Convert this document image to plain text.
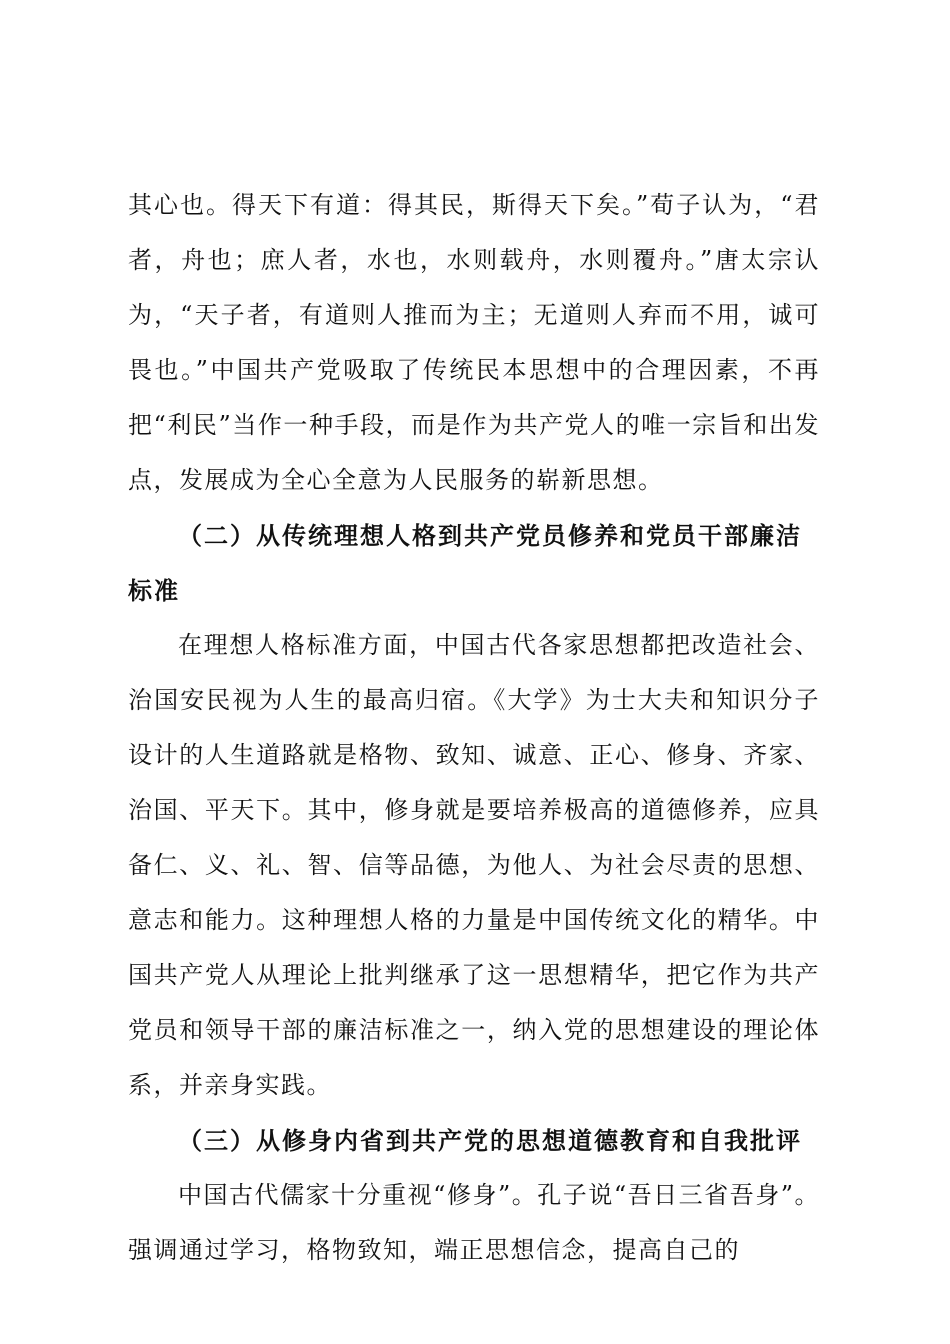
其心也。得天下有道：得其民，斯得天下矣。”荀子认为，“君者，舟也；庶人者，水也，水则载舟，水则覆舟。”唐太宗认为，“天子者，有道则人推而为主；无道则人弃而不用，诚可畏也。”中国共产党吸取了传统民本思想中的合理因素，不再把“利民”当作一种手段，而是作为共产党人的唯一宗旨和出发点，发展成为全心全意为人民服务的崭新思想。

（二）从传统理想人格到共产党员修养和党员干部廉洁标准

在理想人格标准方面，中国古代各家思想都把改造社会、治国安民视为人生的最高归宿。《大学》为士大夫和知识分子设计的人生道路就是格物、致知、诚意、正心、修身、齐家、治国、平天下。其中，修身就是要培养极高的道德修养，应具备仁、义、礼、智、信等品德，为他人、为社会尽责的思想、意志和能力。这种理想人格的力量是中国传统文化的精华。中国共产党人从理论上批判继承了这一思想精华，把它作为共产党员和领导干部的廉洁标准之一，纳入党的思想建设的理论体系，并亲身实践。

（三）从修身内省到共产党的思想道德教育和自我批评

中国古代儒家十分重视“修身”。孔子说“吾日三省吾身”。强调通过学习，格物致知，端正思想信念，提高自己的
